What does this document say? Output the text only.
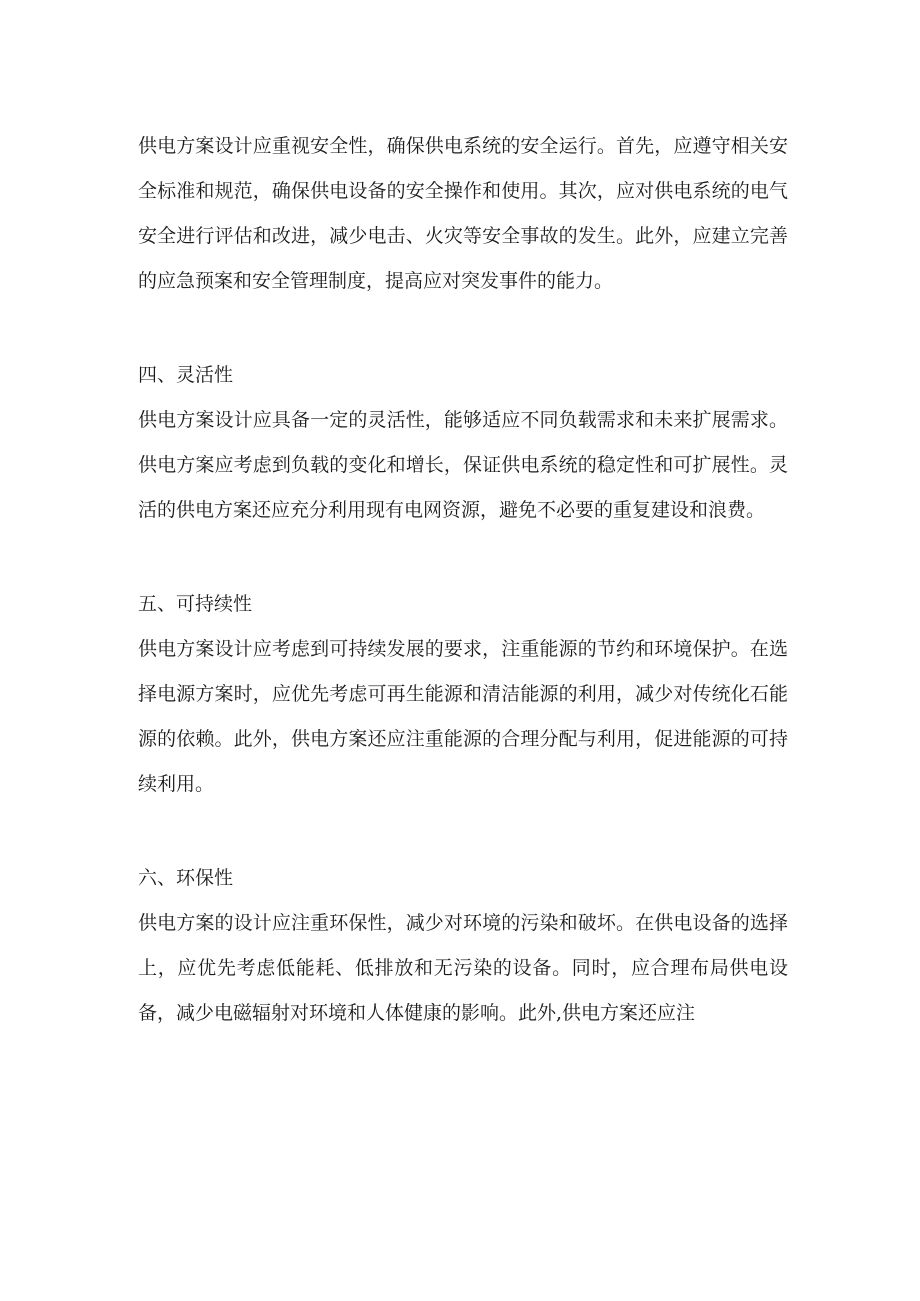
供电方案设计应重视安全性，确保供电系统的安全运行。首先，应遵守相关安全标准和规范，确保供电设备的安全操作和使用。其次，应对供电系统的电气安全进行评估和改进，减少电击、火灾等安全事故的发生。此外，应建立完善的应急预案和安全管理制度，提高应对突发事件的能力。

四、灵活性

供电方案设计应具备一定的灵活性，能够适应不同负载需求和未来扩展需求。供电方案应考虑到负载的变化和增长，保证供电系统的稳定性和可扩展性。灵活的供电方案还应充分利用现有电网资源，避免不必要的重复建设和浪费。

五、可持续性

供电方案设计应考虑到可持续发展的要求，注重能源的节约和环境保护。在选择电源方案时，应优先考虑可再生能源和清洁能源的利用，减少对传统化石能源的依赖。此外，供电方案还应注重能源的合理分配与利用，促进能源的可持续利用。

六、环保性

供电方案的设计应注重环保性，减少对环境的污染和破坏。在供电设备的选择上，应优先考虑低能耗、低排放和无污染的设备。同时，应合理布局供电设备，减少电磁辐射对环境和人体健康的影响。此外,供电方案还应注
